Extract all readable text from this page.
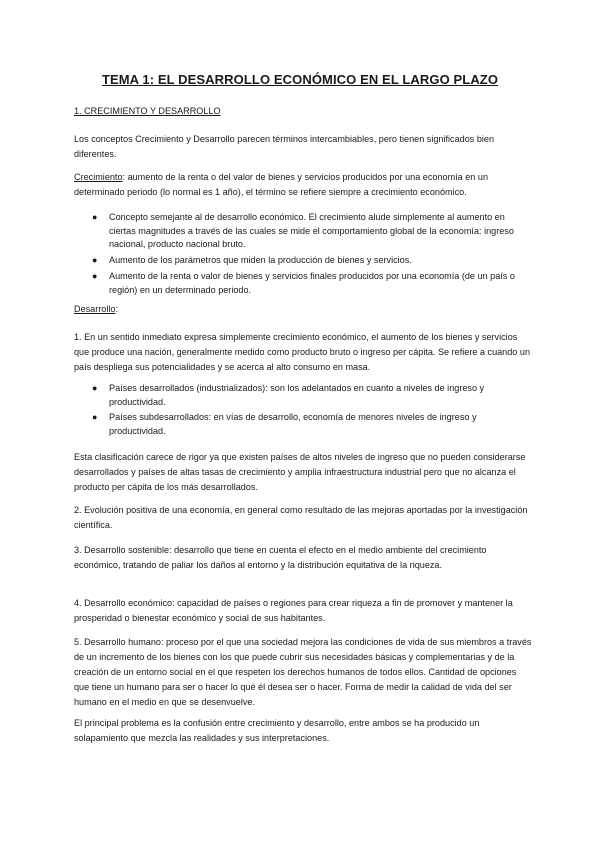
TEMA 1: EL DESARROLLO ECONÓMICO EN EL LARGO PLAZO

1. CRECIMIENTO Y DESARROLLO

Los conceptos Crecimiento y Desarrollo parecen términos intercambiables, pero tienen significados bien diferentes.

Crecimiento: aumento de la renta o del valor de bienes y servicios producidos por una economía en un determinado periodo (lo normal es 1 año), el término se refiere siempre a crecimiento económico.

● Concepto semejante al de desarrollo económico. El crecimiento alude simplemente al aumento en ciertas magnitudes a través de las cuales se mide el comportamiento global de la economía: ingreso nacional, producto nacional bruto.
● Aumento de los parámetros que miden la producción de bienes y servicios.
● Aumento de la renta o valor de bienes y servicios finales producidos por una economía (de un país o región) en un determinado periodo.

Desarrollo:

1. En un sentido inmediato expresa simplemente crecimiento económico, el aumento de los bienes y servicios que produce una nación, generalmente medido como producto bruto o ingreso per cápita. Se refiere a cuando un país despliega sus potencialidades y se acerca al alto consumo en masa.

● Países desarrollados (industrializados): son los adelantados en cuanto a niveles de ingreso y productividad.
● Países subdesarrollados: en vías de desarrollo, economía de menores niveles de ingreso y productividad.

Esta clasificación carece de rigor ya que existen países de altos niveles de ingreso que no pueden considerarse desarrollados y países de altas tasas de crecimiento y amplia infraestructura industrial pero que no alcanza el producto per cápita de los más desarrollados.

2. Evolución positiva de una economía, en general como resultado de las mejoras aportadas por la investigación científica.

3. Desarrollo sostenible: desarrollo que tiene en cuenta el efecto en el medio ambiente del crecimiento económico, tratando de paliar los daños al entorno y la distribución equitativa de la riqueza.

4. Desarrollo económico: capacidad de países o regiones para crear riqueza a fin de promover y mantener la prosperidad o bienestar económico y social de sus habitantes.

5. Desarrollo humano: proceso por el que una sociedad mejora las condiciones de vida de sus miembros a través de un incremento de los bienes con los que puede cubrir sus necesidades básicas y complementarias y de la creación de un entorno social en el que respeten los derechos humanos de todos ellos. Cantidad de opciones que tiene un humano para ser o hacer lo qué él desea ser o hacer. Forma de medir la calidad de vida del ser humano en el medio en que se desenvuelve.

El principal problema es la confusión entre crecimiento y desarrollo, entre ambos se ha producido un solapamiento que mezcla las realidades y sus interpretaciones.
